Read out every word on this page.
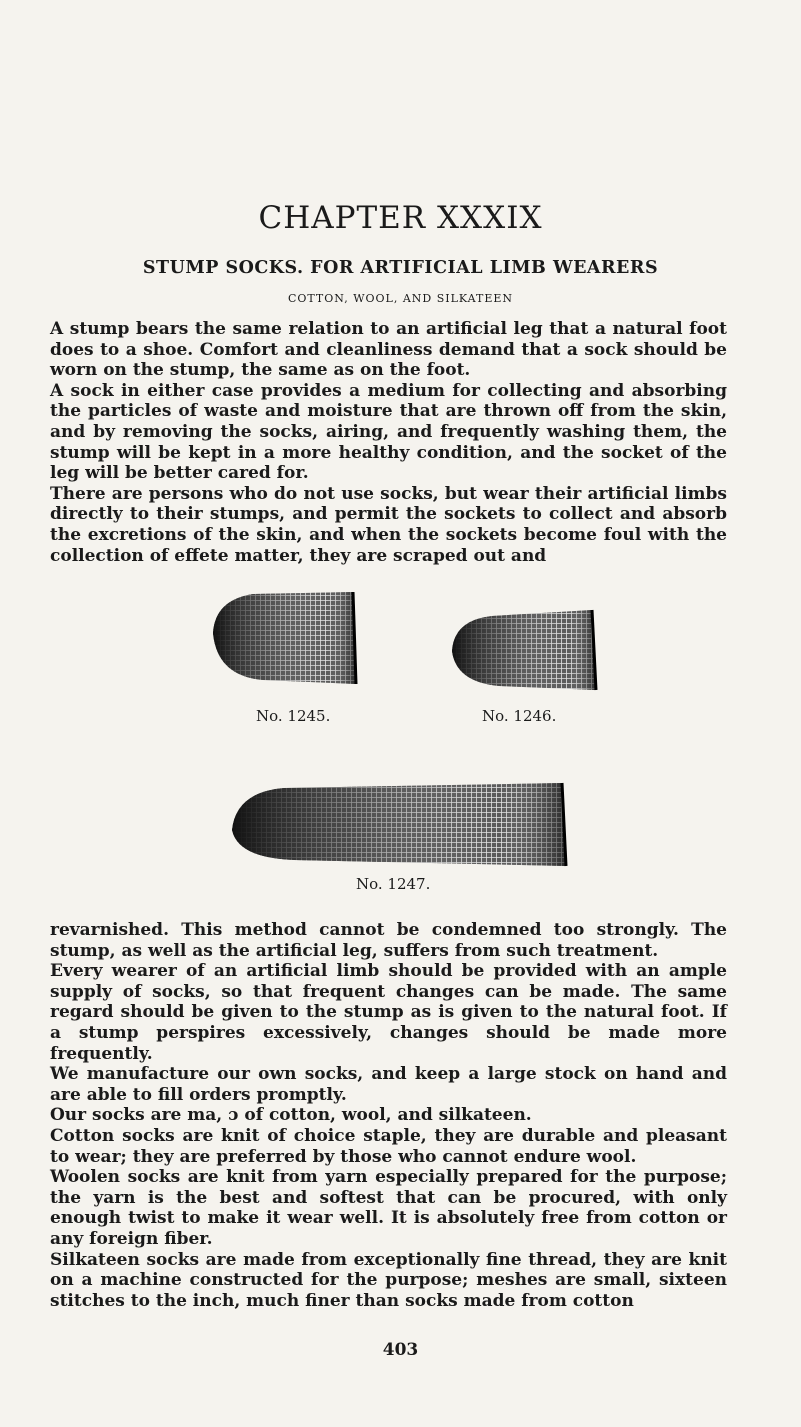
CHAPTER XXXIX
STUMP SOCKS. FOR ARTIFICIAL LIMB WEARERS
COTTON, WOOL, AND SILKATEEN

A stump bears the same relation to an artificial leg that a natural foot does to a shoe. Comfort and cleanliness demand that a sock should be worn on the stump, the same as on the foot.

A sock in either case provides a medium for collecting and absorbing the particles of waste and moisture that are thrown off from the skin, and by removing the socks, airing, and frequently washing them, the stump will be kept in a more healthy condition, and the socket of the leg will be better cared for.

There are persons who do not use socks, but wear their artificial limbs directly to their stumps, and permit the sockets to collect and absorb the excretions of the skin, and when the sockets become foul with the collection of effete matter, they are scraped out and

No. 1245.	No. 1246.
No. 1247.

revarnished. This method cannot be condemned too strongly. The stump, as well as the artificial leg, suffers from such treatment.

Every wearer of an artificial limb should be provided with an ample supply of socks, so that frequent changes can be made. The same regard should be given to the stump as is given to the natural foot. If a stump perspires excessively, changes should be made more frequently.

We manufacture our own socks, and keep a large stock on hand and are able to fill orders promptly.

Our socks are ma, ɔ of cotton, wool, and silkateen.

Cotton socks are knit of choice staple, they are durable and pleasant to wear; they are preferred by those who cannot endure wool.

Woolen socks are knit from yarn especially prepared for the purpose; the yarn is the best and softest that can be procured, with only enough twist to make it wear well. It is absolutely free from cotton or any foreign fiber.

Silkateen socks are made from exceptionally fine thread, they are knit on a machine constructed for the purpose; meshes are small, sixteen stitches to the inch, much finer than socks made from cotton

403
